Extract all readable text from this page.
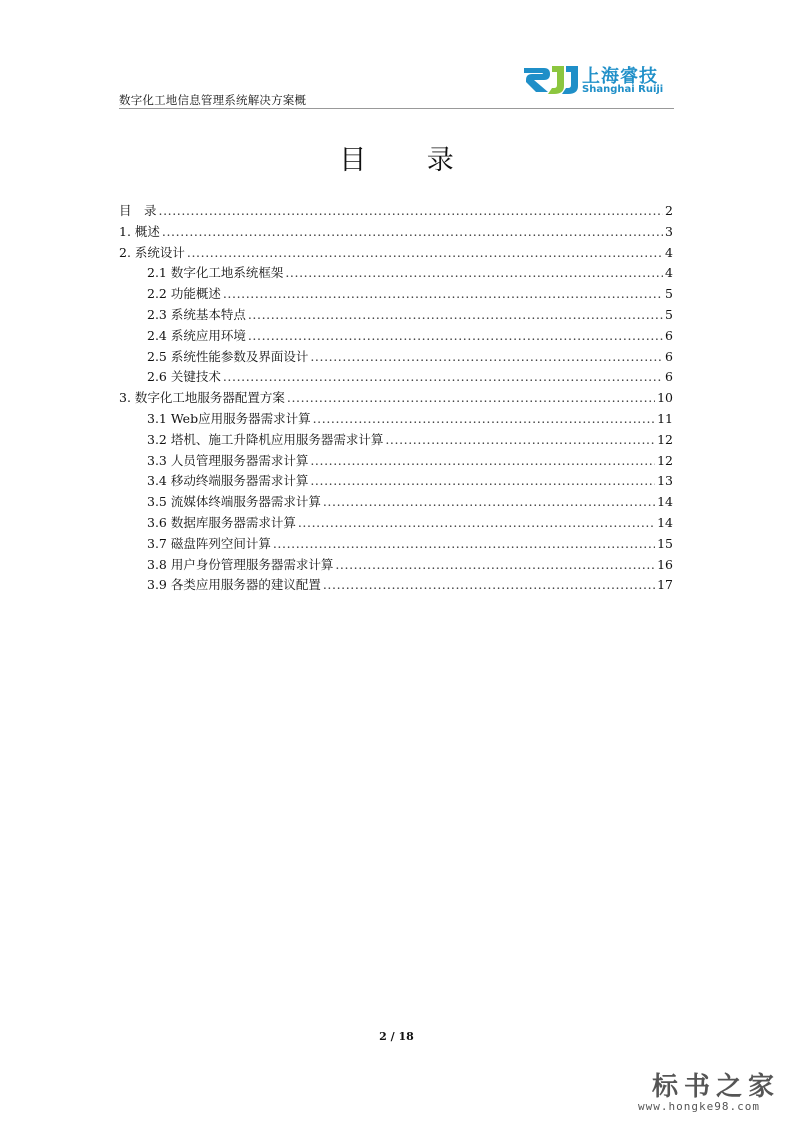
数字化工地信息管理系统解决方案概
上海睿技
Shanghai Ruiji
目 录
目　录 .....	2
1. 概述 .....	3
2. 系统设计 .....	4
2.1 数字化工地系统框架 .....	4
2.2 功能概述 .....	5
2.3 系统基本特点 .....	5
2.4 系统应用环境 .....	6
2.5 系统性能参数及界面设计 .....	6
2.6 关键技术 .....	6
3. 数字化工地服务器配置方案 .....	10
3.1 Web应用服务器需求计算 .....	11
3.2 塔机、施工升降机应用服务器需求计算 .....	12
3.3 人员管理服务器需求计算 .....	12
3.4 移动终端服务器需求计算 .....	13
3.5 流媒体终端服务器需求计算 .....	14
3.6 数据库服务器需求计算 .....	14
3.7 磁盘阵列空间计算 .....	15
3.8 用户身份管理服务器需求计算 .....	16
3.9 各类应用服务器的建议配置 .....	17
2 / 18
标书之家
www.hongke98.com
